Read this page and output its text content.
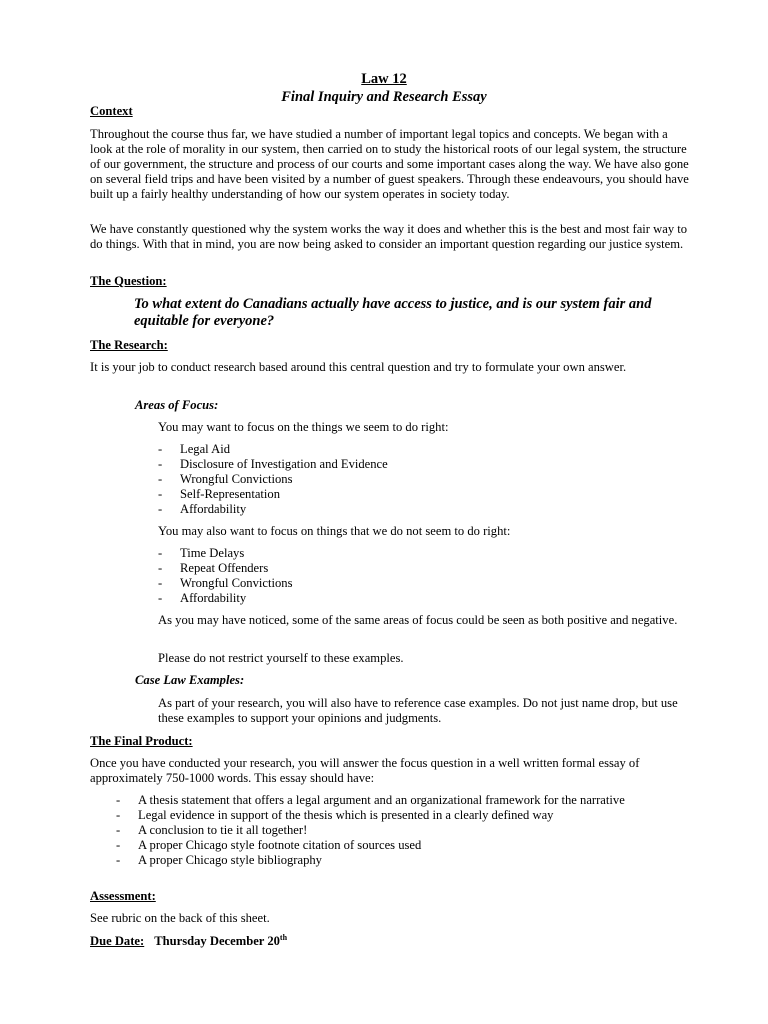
Law 12
Final Inquiry and Research Essay

Context

Throughout the course thus far, we have studied a number of important legal topics and concepts. We began with a look at the role of morality in our system, then carried on to study the historical roots of our legal system, the structure of our government, the structure and process of our courts and some important cases along the way. We have also gone on several field trips and have been visited by a number of guest speakers. Through these endeavours, you should have built up a fairly healthy understanding of how our system operates in society today.

We have constantly questioned why the system works the way it does and whether this is the best and most fair way to do things. With that in mind, you are now being asked to consider an important question regarding our justice system.

The Question:

To what extent do Canadians actually have access to justice, and is our system fair and equitable for everyone?

The Research:

It is your job to conduct research based around this central question and try to formulate your own answer.

Areas of Focus:
You may want to focus on the things we seem to do right:
- Legal Aid
- Disclosure of Investigation and Evidence
- Wrongful Convictions
- Self-Representation
- Affordability
You may also want to focus on things that we do not seem to do right:
- Time Delays
- Repeat Offenders
- Wrongful Convictions
- Affordability
As you may have noticed, some of the same areas of focus could be seen as both positive and negative.
Please do not restrict yourself to these examples.
Case Law Examples:
As part of your research, you will also have to reference case examples. Do not just name drop, but use these examples to support your opinions and judgments.

The Final Product:

Once you have conducted your research, you will answer the focus question in a well written formal essay of approximately 750-1000 words. This essay should have:

- A thesis statement that offers a legal argument and an organizational framework for the narrative
- Legal evidence in support of the thesis which is presented in a clearly defined way
- A conclusion to tie it all together!
- A proper Chicago style footnote citation of sources used
- A proper Chicago style bibliography

Assessment:

See rubric on the back of this sheet.

Due Date: Thursday December 20th
